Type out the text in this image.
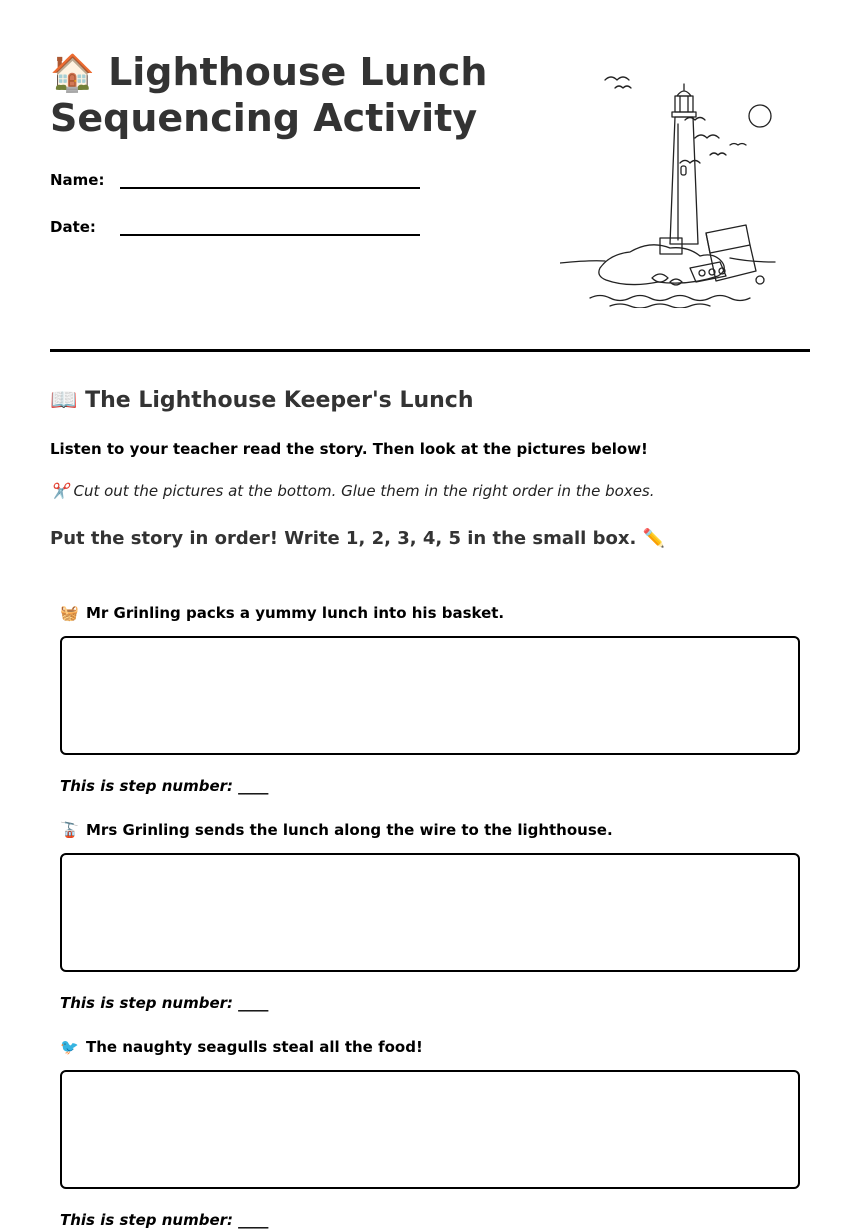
🏠 Lighthouse Lunch
Sequencing Activity
Name:
Date:
📖 The Lighthouse Keeper's Lunch
Listen to your teacher read the story. Then look at the pictures below!
✂️ Cut out the pictures at the bottom. Glue them in the right order in the boxes.
Put the story in order! Write 1, 2, 3, 4, 5 in the small box. ✏️
🧺 Mr Grinling packs a yummy lunch into his basket.
This is step number: ____
🚡 Mrs Grinling sends the lunch along the wire to the lighthouse.
This is step number: ____
🐦 The naughty seagulls steal all the food!
This is step number: ____
